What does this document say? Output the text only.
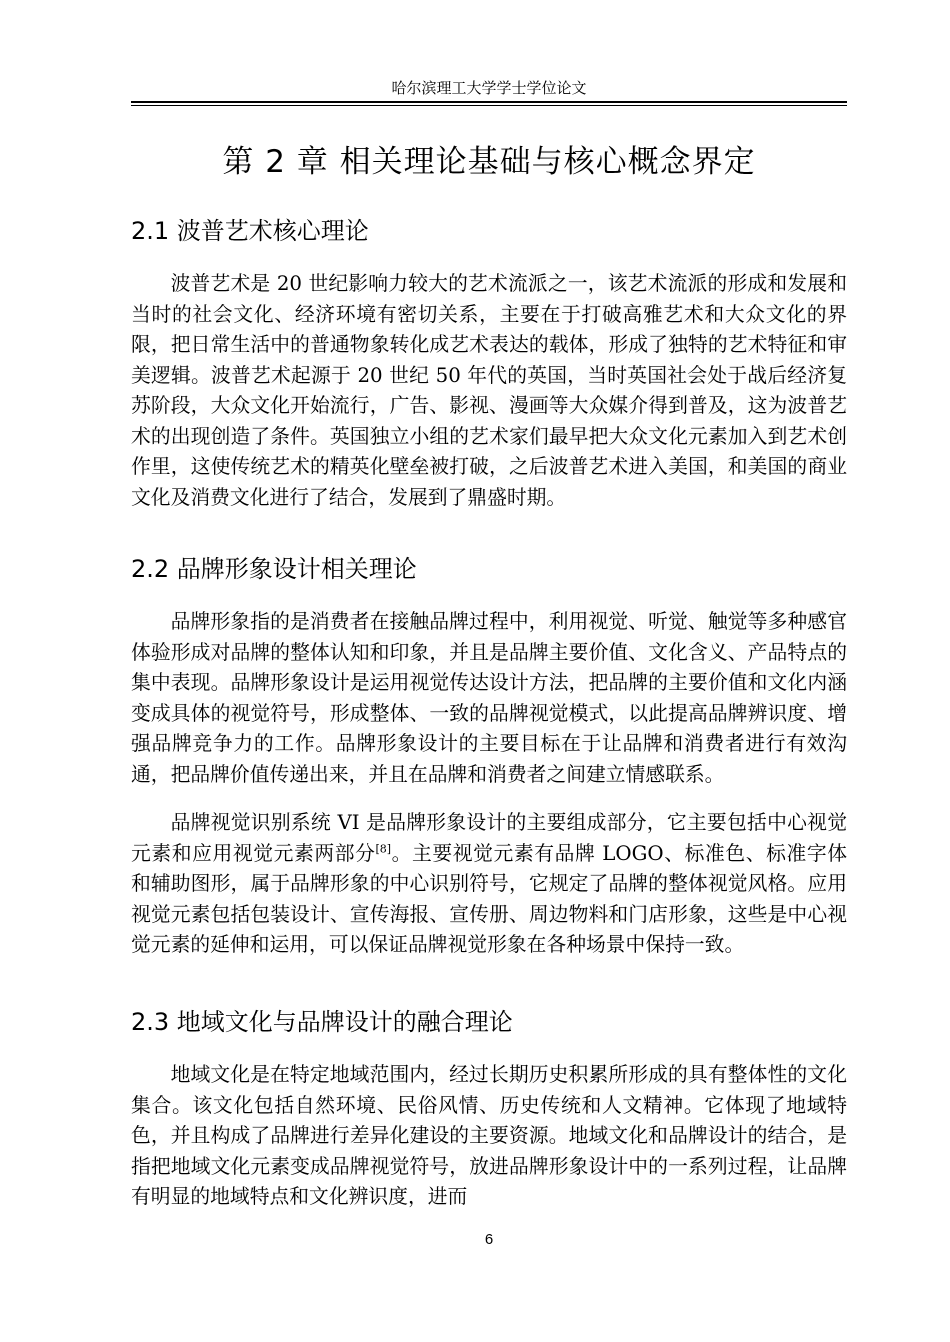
哈尔滨理工大学学士学位论文
第 2 章 相关理论基础与核心概念界定
2.1 波普艺术核心理论

波普艺术是 20 世纪影响力较大的艺术流派之一，该艺术流派的形成和发展和当时的社会文化、经济环境有密切关系，主要在于打破高雅艺术和大众文化的界限，把日常生活中的普通物象转化成艺术表达的载体，形成了独特的艺术特征和审美逻辑。波普艺术起源于 20 世纪 50 年代的英国，当时英国社会处于战后经济复苏阶段，大众文化开始流行，广告、影视、漫画等大众媒介得到普及，这为波普艺术的出现创造了条件。英国独立小组的艺术家们最早把大众文化元素加入到艺术创作里，这使传统艺术的精英化壁垒被打破，之后波普艺术进入美国，和美国的商业文化及消费文化进行了结合，发展到了鼎盛时期。

2.2 品牌形象设计相关理论

品牌形象指的是消费者在接触品牌过程中，利用视觉、听觉、触觉等多种感官体验形成对品牌的整体认知和印象，并且是品牌主要价值、文化含义、产品特点的集中表现。品牌形象设计是运用视觉传达设计方法，把品牌的主要价值和文化内涵变成具体的视觉符号，形成整体、一致的品牌视觉模式，以此提高品牌辨识度、增强品牌竞争力的工作。品牌形象设计的主要目标在于让品牌和消费者进行有效沟通，把品牌价值传递出来，并且在品牌和消费者之间建立情感联系。

品牌视觉识别系统 VI 是品牌形象设计的主要组成部分，它主要包括中心视觉元素和应用视觉元素两部分[8]。主要视觉元素有品牌 LOGO、标准色、标准字体和辅助图形，属于品牌形象的中心识别符号，它规定了品牌的整体视觉风格。应用视觉元素包括包装设计、宣传海报、宣传册、周边物料和门店形象，这些是中心视觉元素的延伸和运用，可以保证品牌视觉形象在各种场景中保持一致。

2.3 地域文化与品牌设计的融合理论

地域文化是在特定地域范围内，经过长期历史积累所形成的具有整体性的文化集合。该文化包括自然环境、民俗风情、历史传统和人文精神。它体现了地域特色，并且构成了品牌进行差异化建设的主要资源。地域文化和品牌设计的结合，是指把地域文化元素变成品牌视觉符号，放进品牌形象设计中的一系列过程，让品牌有明显的地域特点和文化辨识度，进而

6
